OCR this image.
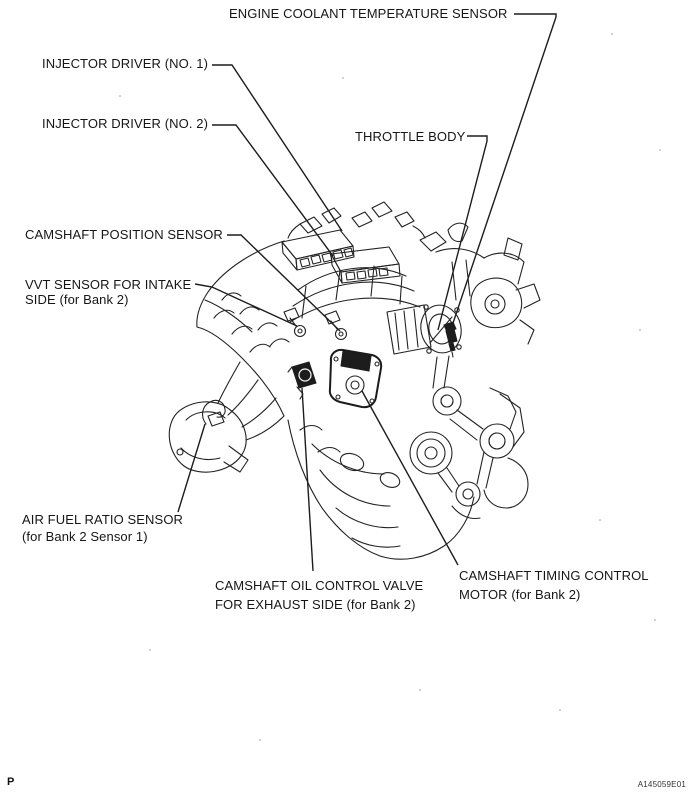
ENGINE COOLANT TEMPERATURE SENSOR
INJECTOR DRIVER (NO. 1)
INJECTOR DRIVER (NO. 2)
THROTTLE BODY
CAMSHAFT POSITION SENSOR
VVT SENSOR FOR INTAKE
SIDE (for Bank 2)
AIR FUEL RATIO SENSOR
(for Bank 2 Sensor 1)
CAMSHAFT OIL CONTROL VALVE
FOR EXHAUST SIDE (for Bank 2)
CAMSHAFT TIMING CONTROL
MOTOR (for Bank 2)
P	A145059E01
